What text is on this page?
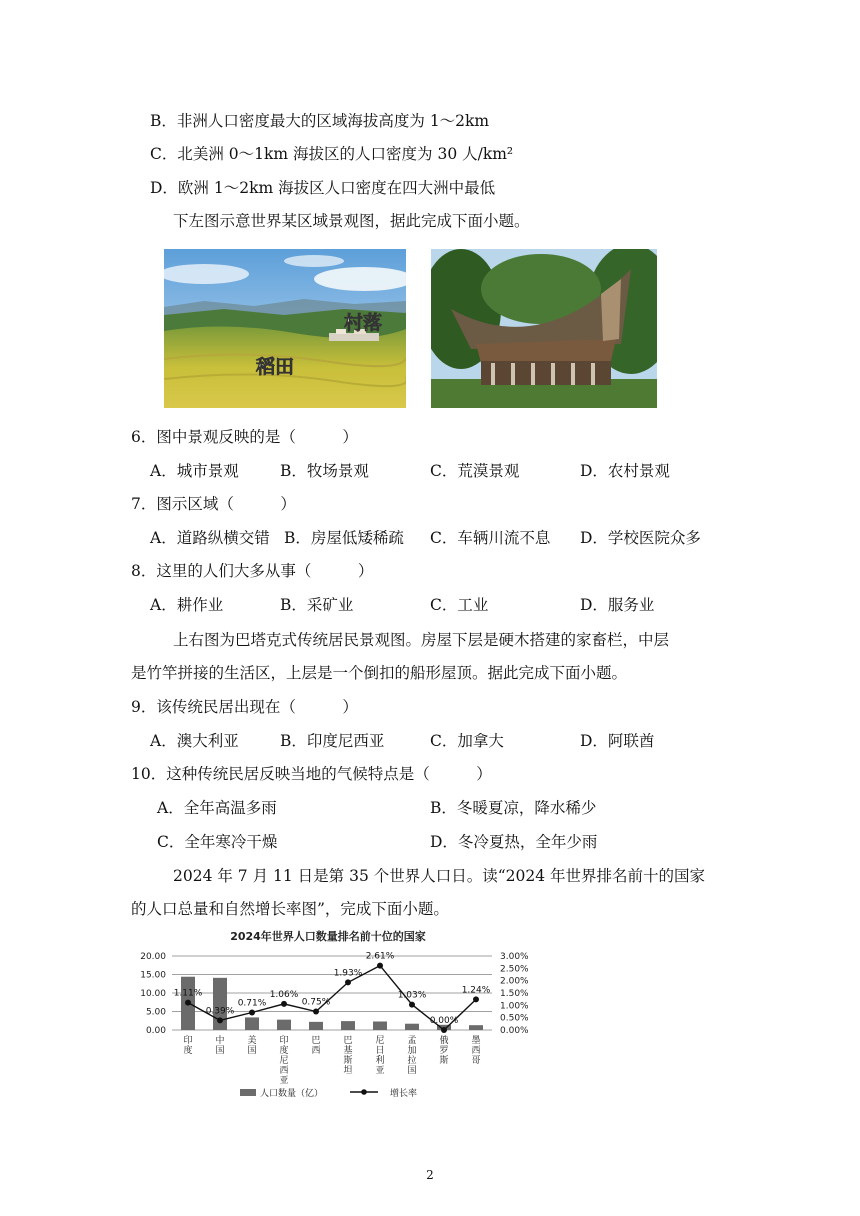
B．非洲人口密度最大的区域海拔高度为 1～2km
C．北美洲 0～1km 海拔区的人口密度为 30 人/km²
D．欧洲 1～2km 海拔区人口密度在四大洲中最低
下左图示意世界某区域景观图，据此完成下面小题。
村落
稻田
6．图中景观反映的是（　　　）
A．城市景观	B．牧场景观	C．荒漠景观	D．农村景观
7．图示区域（　　　）
A．道路纵横交错 B．房屋低矮稀疏 C．车辆川流不息 D．学校医院众多
8．这里的人们大多从事（　　　）
A．耕作业	B．采矿业	C．工业	D．服务业
上右图为巴塔克式传统居民景观图。房屋下层是硬木搭建的家畜栏，中层
是竹竿拼接的生活区，上层是一个倒扣的船形屋顶。据此完成下面小题。
9．该传统民居出现在（　　　）
A．澳大利亚	B．印度尼西亚	C．加拿大	D．阿联酋
10．这种传统民居反映当地的气候特点是（　　　）
A．全年高温多雨	B．冬暖夏凉，降水稀少
C．全年寒冷干燥	D．冬冷夏热，全年少雨
2024 年 7 月 11 日是第 35 个世界人口日。读“2024 年世界排名前十的国家
的人口总量和自然增长率图”，完成下面小题。
2024年世界人口数量排名前十位的国家
20.00
15.00
10.00
5.00
0.00
3.00%
2.50%
2.00%
1.50%
1.00%
0.50%
0.00%
1.11%
0.39%
0.71%
1.06%
0.75%
1.93%
2.61%
1.03%
0.00%
1.24%
印度
中国
美国
印度尼西亚
巴西
巴基斯坦
尼日利亚
孟加拉国
俄罗斯
墨西哥
人口数量（亿）	增长率
2
